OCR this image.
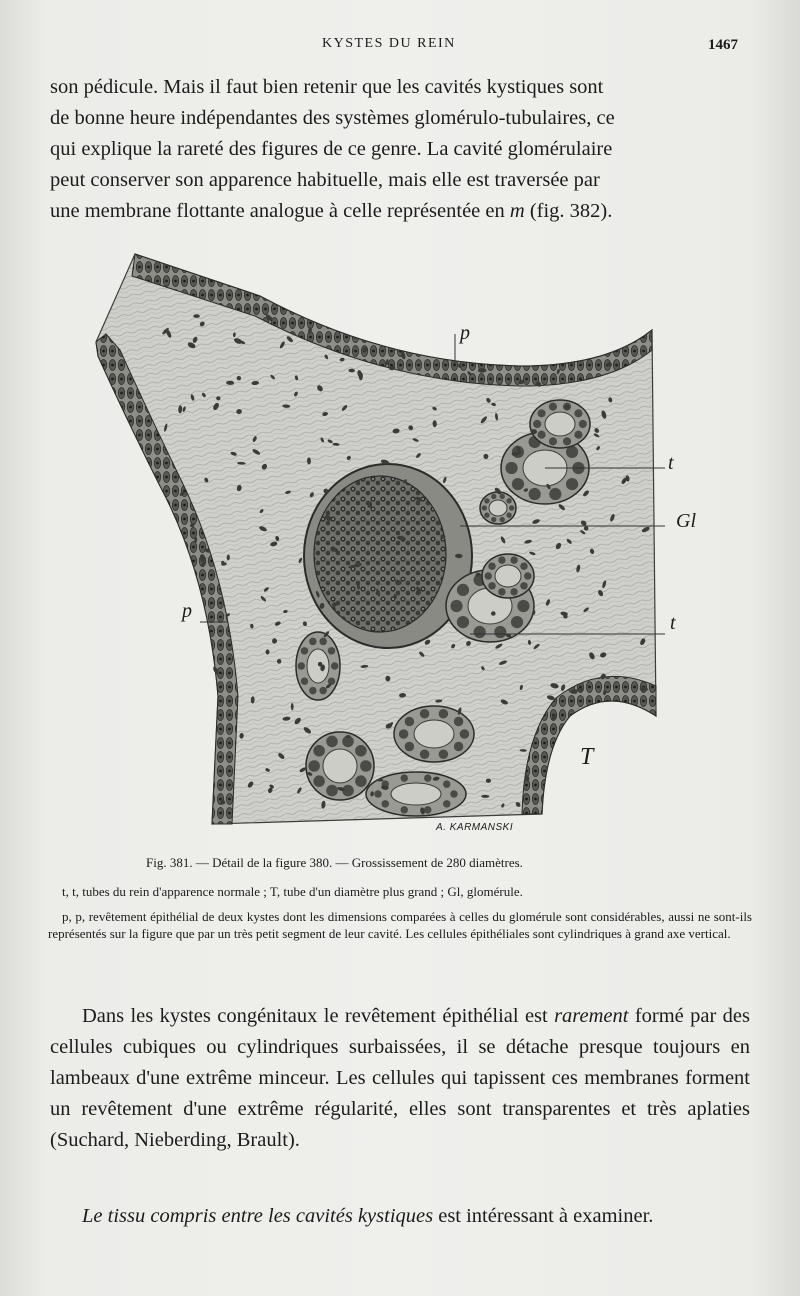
KYSTES DU REIN	1467
son pédicule. Mais il faut bien retenir que les cavités kystiques sont
de bonne heure indépendantes des systèmes glomérulo-tubulaires, ce
qui explique la rareté des figures de ce genre. La cavité glomérulaire
peut conserver son apparence habituelle, mais elle est traversée par
une membrane flottante analogue à celle représentée en m (fig. 382).
p
t
Gl
t
p
T
A. KARMANSKI
Fig. 381. — Détail de la figure 380. — Grossissement de 280 diamètres.
t, t, tubes du rein d'apparence normale ; T, tube d'un diamètre plus grand ; Gl, glomérule.
p, p, revêtement épithélial de deux kystes dont les dimensions comparées à celles du glomérule sont considérables, aussi ne sont-ils représentés sur la figure que par un très petit segment de leur cavité. Les cellules épithéliales sont cylindriques à grand axe vertical.
Dans les kystes congénitaux le revêtement épithélial est rarement formé par des cellules cubiques ou cylindriques surbaissées, il se détache presque toujours en lambeaux d'une extrême minceur. Les cellules qui tapissent ces membranes forment un revêtement d'une extrême régularité, elles sont transparentes et très aplaties (Suchard, Nieberding, Brault).
Le tissu compris entre les cavités kystiques est intéressant à examiner.
